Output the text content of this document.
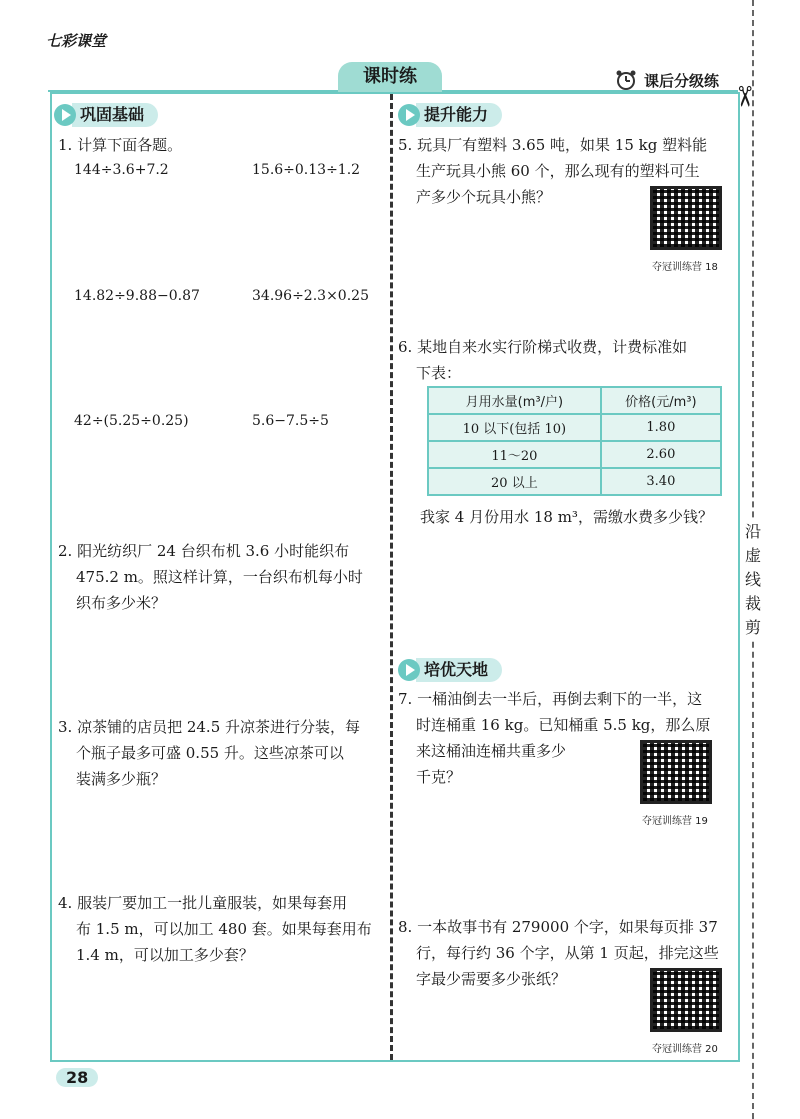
七彩课堂
课时练	课后分级练
✂
沿虚线裁剪
巩固基础
1. 计算下面各题。
144÷3.6+7.2	15.6÷0.13÷1.2
14.82÷9.88−0.87	34.96÷2.3×0.25
42÷(5.25÷0.25)	5.6−7.5÷5

2. 阳光纺织厂 24 台织布机 3.6 小时能织布

475.2 m。照这样计算，一台织布机每小时

织布多少米？

3. 凉茶铺的店员把 24.5 升凉茶进行分装，每

个瓶子最多可盛 0.55 升。这些凉茶可以

装满多少瓶？

4. 服装厂要加工一批儿童服装，如果每套用

布 1.5 m，可以加工 480 套。如果每套用布

1.4 m，可以加工多少套？

提升能力

5. 玩具厂有塑料 3.65 吨，如果 15 kg 塑料能

生产玩具小熊 60 个，那么现有的塑料可生

产多少个玩具小熊？

夺冠训练营 18

6. 某地自来水实行阶梯式收费，计费标准如

下表：

月用水量(m³/户)	价格(元/m³)
10 以下(包括 10)	1.80
11～20	2.60
20 以上	3.40
我家 4 月份用水 18 m³，需缴水费多少钱？
培优天地

7. 一桶油倒去一半后，再倒去剩下的一半，这

时连桶重 16 kg。已知桶重 5.5 kg，那么原

来这桶油连桶共重多少

千克？

夺冠训练营 19

8. 一本故事书有 279000 个字，如果每页排 37

行，每行约 36 个字，从第 1 页起，排完这些

字最少需要多少张纸？

夺冠训练营 20
28
